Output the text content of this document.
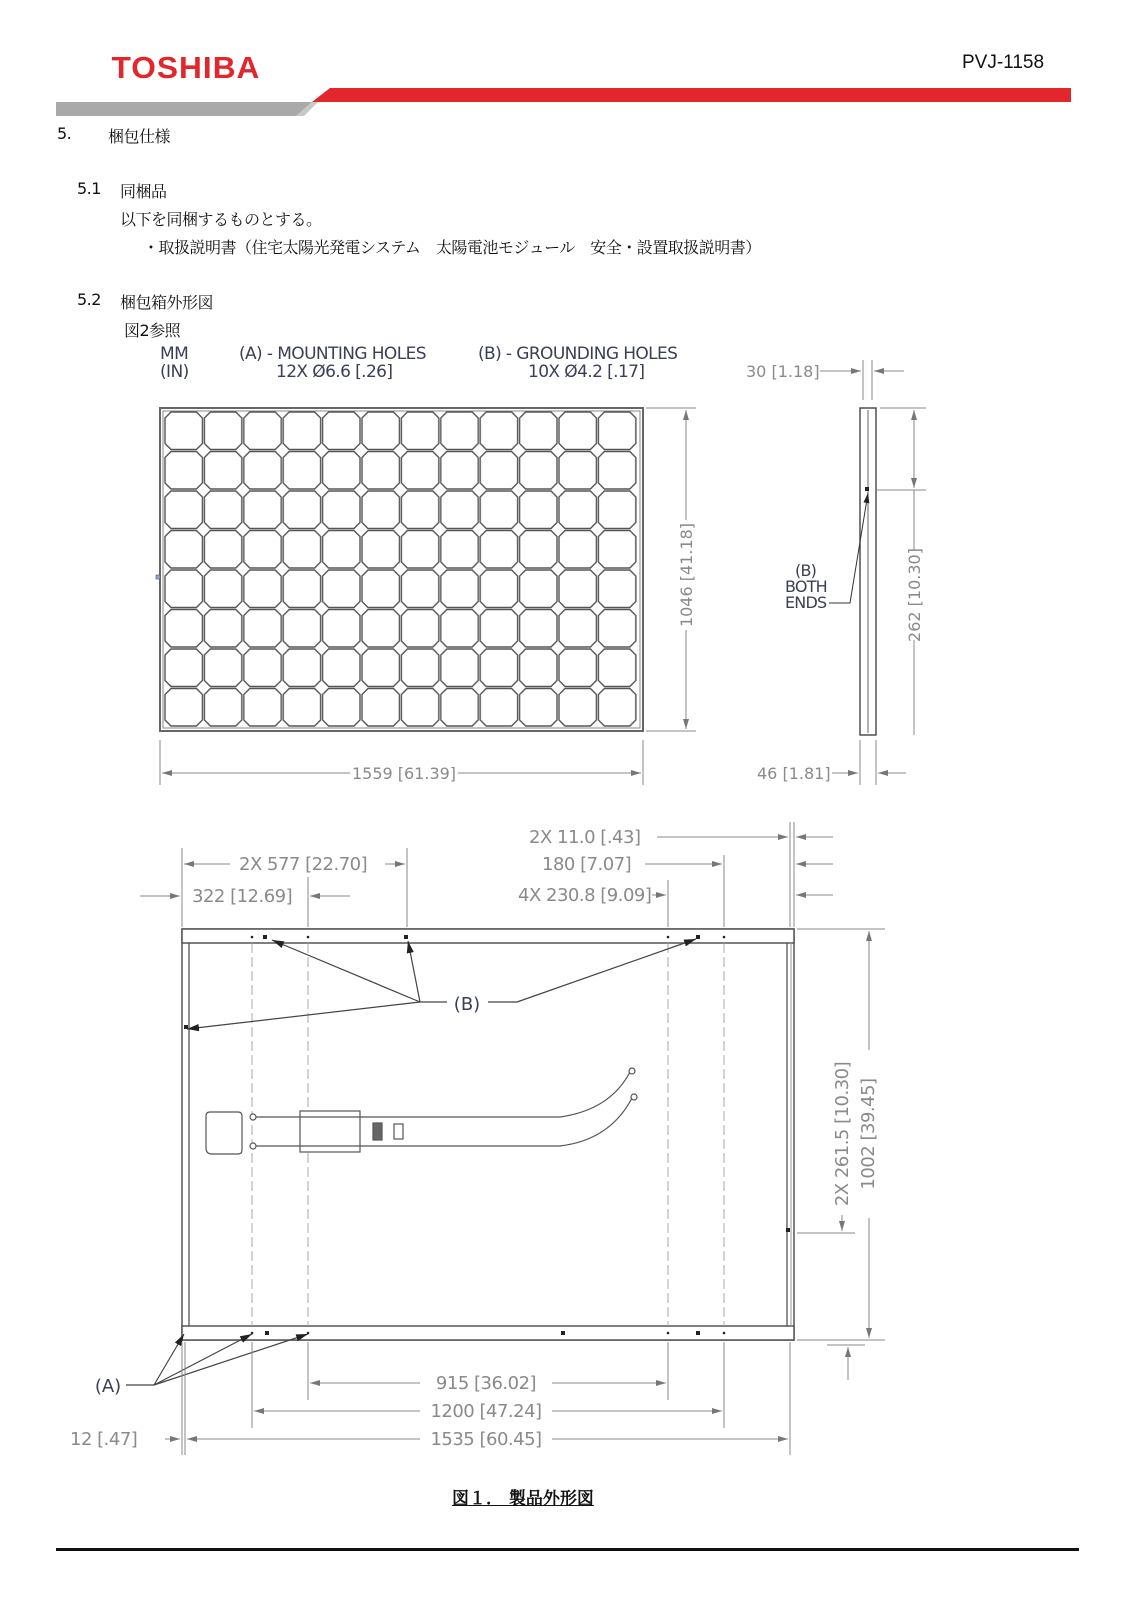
TOSHIBA	PVJ-1158
5. 梱包仕様
5.1 同梱品
以下を同梱するものとする。
・取扱説明書（住宅太陽光発電システム　太陽電池モジュール　安全・設置取扱説明書）
5.2 梱包箱外形図
図2参照
MM
(IN)
(A) - MOUNTING HOLES
12X Ø6.6 [.26]
(B) - GROUNDING HOLES
10X Ø4.2 [.17]
1559 [61.39]
1046 [41.18]
30 [1.18]
46 [1.81]
262 [10.30]
(B)
BOTH
ENDS
(B)
(A)
2X 577 [22.70]
322 [12.69]
2X 11.0 [.43]
180 [7.07]
4X 230.8 [9.09]
2X 261.5 [10.30] 1002 [39.45]
915 [36.02]
1200 [47.24]
1535 [60.45]
12 [.47]
図１． 製品外形図
